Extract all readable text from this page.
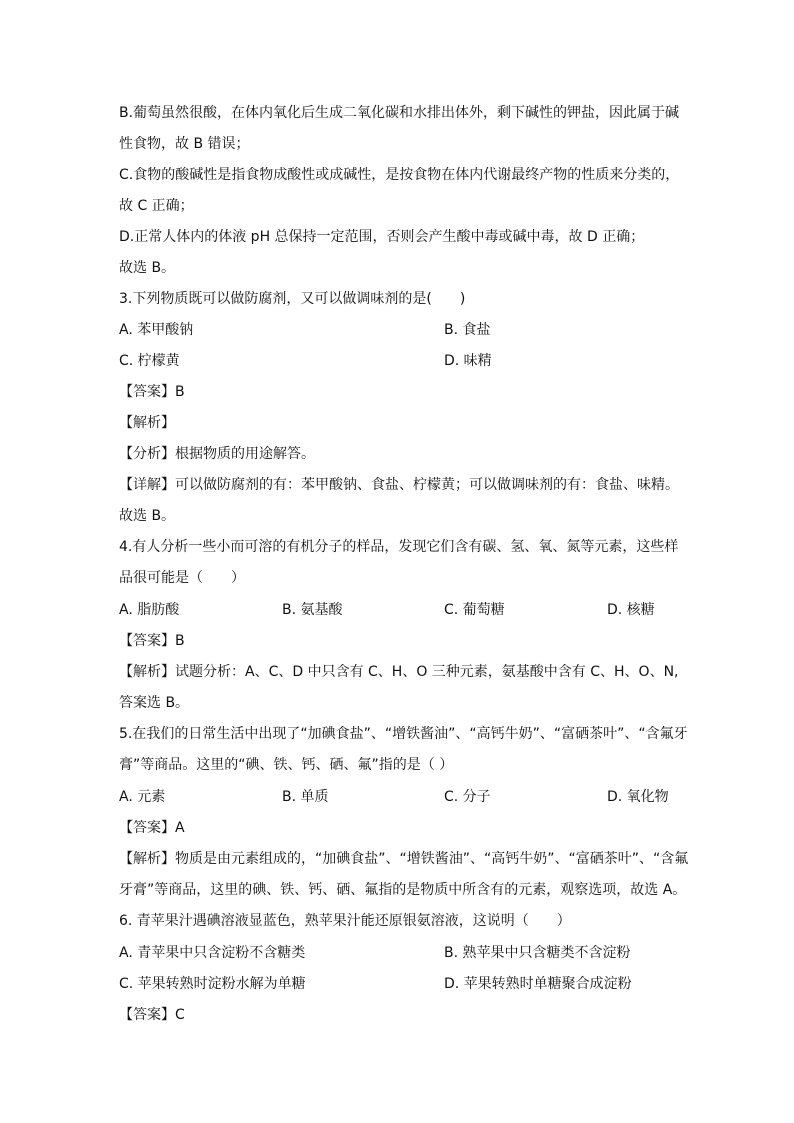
B.葡萄虽然很酸，在体内氧化后生成二氧化碳和水排出体外，剩下碱性的钾盐，因此属于碱
性食物，故 B 错误；
C.食物的酸碱性是指食物成酸性或成碱性，是按食物在体内代谢最终产物的性质来分类的，
故 C 正确；
D.正常人体内的体液 pH 总保持一定范围，否则会产生酸中毒或碱中毒，故 D 正确；
故选 B。
3.下列物质既可以做防腐剂，又可以做调味剂的是(　　)
A. 苯甲酸钠	B. 食盐
C. 柠檬黄	D. 味精
【答案】B
【解析】
【分析】根据物质的用途解答。
【详解】可以做防腐剂的有：苯甲酸钠、食盐、柠檬黄；可以做调味剂的有：食盐、味精。
故选 B。
4.有人分析一些小而可溶的有机分子的样品，发现它们含有碳、氢、氧、氮等元素，这些样
品很可能是（　　）
A. 脂肪酸	B. 氨基酸	C. 葡萄糖	D. 核糖
【答案】B
【解析】试题分析：A、C、D 中只含有 C、H、O 三种元素，氨基酸中含有 C、H、O、N,
答案选 B。
5.在我们的日常生活中出现了“加碘食盐”、“增铁酱油”、“高钙牛奶”、“富硒茶叶”、“含氟牙
膏”等商品。这里的“碘、铁、钙、硒、氟”指的是（ ）
A. 元素	B. 单质	C. 分子	D. 氧化物
【答案】A
【解析】物质是由元素组成的，“加碘食盐”、“增铁酱油”、“高钙牛奶”、“富硒茶叶”、“含氟
牙膏”等商品，这里的碘、铁、钙、硒、氟指的是物质中所含有的元素，观察选项，故选 A。
6. 青苹果汁遇碘溶液显蓝色，熟苹果汁能还原银氨溶液，这说明（　　）
A. 青苹果中只含淀粉不含糖类	B. 熟苹果中只含糖类不含淀粉
C. 苹果转熟时淀粉水解为单糖	D. 苹果转熟时单糖聚合成淀粉
【答案】C
